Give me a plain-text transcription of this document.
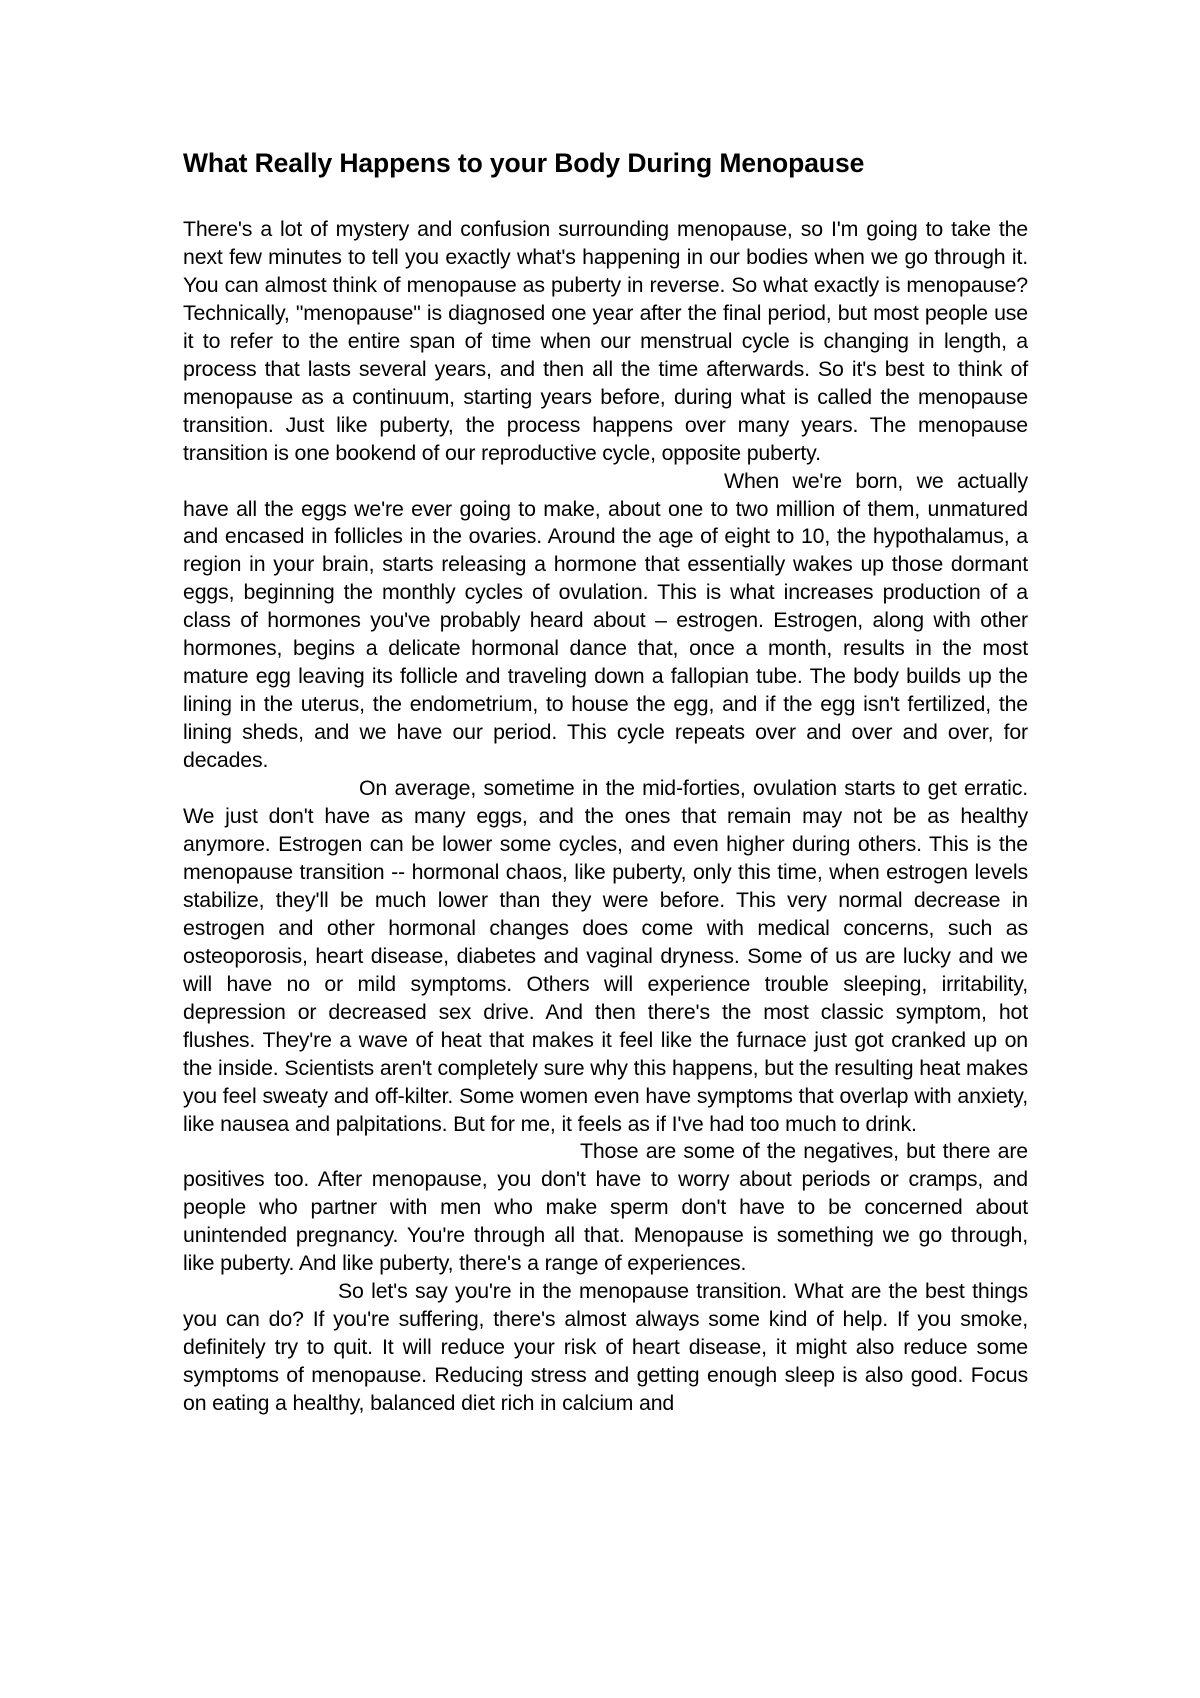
What Really Happens to your Body During Menopause

There's a lot of mystery and confusion surrounding menopause, so I'm going to take the next few minutes to tell you exactly what's happening in our bodies when we go through it. You can almost think of menopause as puberty in reverse. So what exactly is menopause? Technically, "menopause" is diagnosed one year after the final period, but most people use it to refer to the entire span of time when our menstrual cycle is changing in length, a process that lasts several years, and then all the time afterwards. So it's best to think of menopause as a continuum, starting years before, during what is called the menopause transition. Just like puberty, the process happens over many years. The menopause transition is one bookend of our reproductive cycle, opposite puberty.

When we're born, we actually have all the eggs we're ever going to make, about one to two million of them, unmatured and encased in follicles in the ovaries. Around the age of eight to 10, the hypothalamus, a region in your brain, starts releasing a hormone that essentially wakes up those dormant eggs, beginning the monthly cycles of ovulation. This is what increases production of a class of hormones you've probably heard about – estrogen. Estrogen, along with other hormones, begins a delicate hormonal dance that, once a month, results in the most mature egg leaving its follicle and traveling down a fallopian tube. The body builds up the lining in the uterus, the endometrium, to house the egg, and if the egg isn't fertilized, the lining sheds, and we have our period. This cycle repeats over and over and over, for decades.

On average, sometime in the mid-forties, ovulation starts to get erratic. We just don't have as many eggs, and the ones that remain may not be as healthy anymore. Estrogen can be lower some cycles, and even higher during others. This is the menopause transition -- hormonal chaos, like puberty, only this time, when estrogen levels stabilize, they'll be much lower than they were before. This very normal decrease in estrogen and other hormonal changes does come with medical concerns, such as osteoporosis, heart disease, diabetes and vaginal dryness. Some of us are lucky and we will have no or mild symptoms. Others will experience trouble sleeping, irritability, depression or decreased sex drive. And then there's the most classic symptom, hot flushes. They're a wave of heat that makes it feel like the furnace just got cranked up on the inside. Scientists aren't completely sure why this happens, but the resulting heat makes you feel sweaty and off-kilter. Some women even have symptoms that overlap with anxiety, like nausea and palpitations. But for me, it feels as if I've had too much to drink.

Those are some of the negatives, but there are positives too. After menopause, you don't have to worry about periods or cramps, and people who partner with men who make sperm don't have to be concerned about unintended pregnancy. You're through all that. Menopause is something we go through, like puberty. And like puberty, there's a range of experiences.

So let's say you're in the menopause transition. What are the best things you can do? If you're suffering, there's almost always some kind of help. If you smoke, definitely try to quit. It will reduce your risk of heart disease, it might also reduce some symptoms of menopause. Reducing stress and getting enough sleep is also good. Focus on eating a healthy, balanced diet rich in calcium and
